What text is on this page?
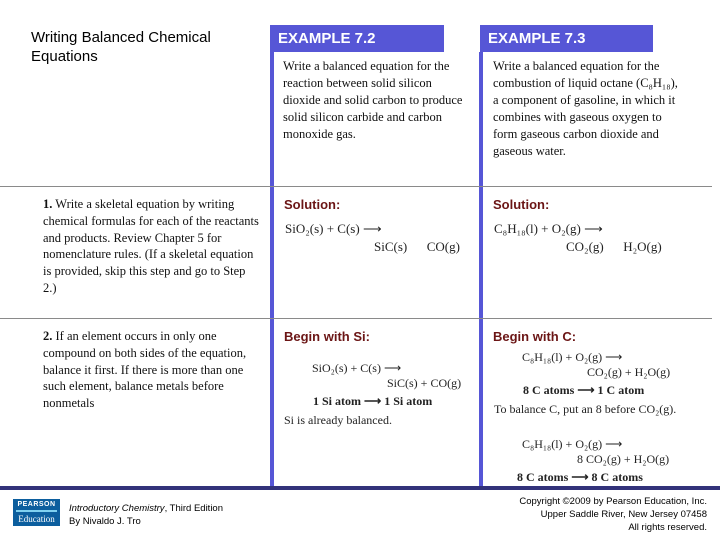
Writing Balanced Chemical Equations
EXAMPLE 7.2	EXAMPLE 7.3
Write a balanced equation for the reaction between solid silicon dioxide and solid carbon to produce solid silicon carbide and carbon monoxide gas.
Write a balanced equation for the combustion of liquid octane (C₈H₁₈), a component of gasoline, in which it combines with gaseous oxygen to form gaseous carbon dioxide and gaseous water.
1. Write a skeletal equation by writing chemical formulas for each of the reactants and products. Review Chapter 5 for nomenclature rules. (If a skeletal equation is provided, skip this step and go to Step 2.)
2. If an element occurs in only one compound on both sides of the equation, balance it first. If there is more than one such element, balance metals before nonmetals
Solution:
SiO₂(s) + C(s) ⟶
SiC(s)      CO(g)
Begin with Si:
SiO₂(s) + C(s) ⟶
SiC(s) + CO(g)
1 Si atom ⟶ 1 Si atom
Si is already balanced.
Solution:
C₈H₁₈(l) + O₂(g) ⟶
CO₂(g)      H₂O(g)
Begin with C:
C₈H₁₈(l) + O₂(g) ⟶
CO₂(g) + H₂O(g)
8 C atoms ⟶ 1 C atom
To balance C, put an 8 before CO₂(g).
C₈H₁₈(l) + O₂(g) ⟶
8 CO₂(g) + H₂O(g)
8 C atoms ⟶ 8 C atoms
PEARSON
Education
Introductory Chemistry, Third Edition
By Nivaldo J. Tro
Copyright ©2009 by Pearson Education, Inc.
Upper Saddle River, New Jersey 07458
All rights reserved.
